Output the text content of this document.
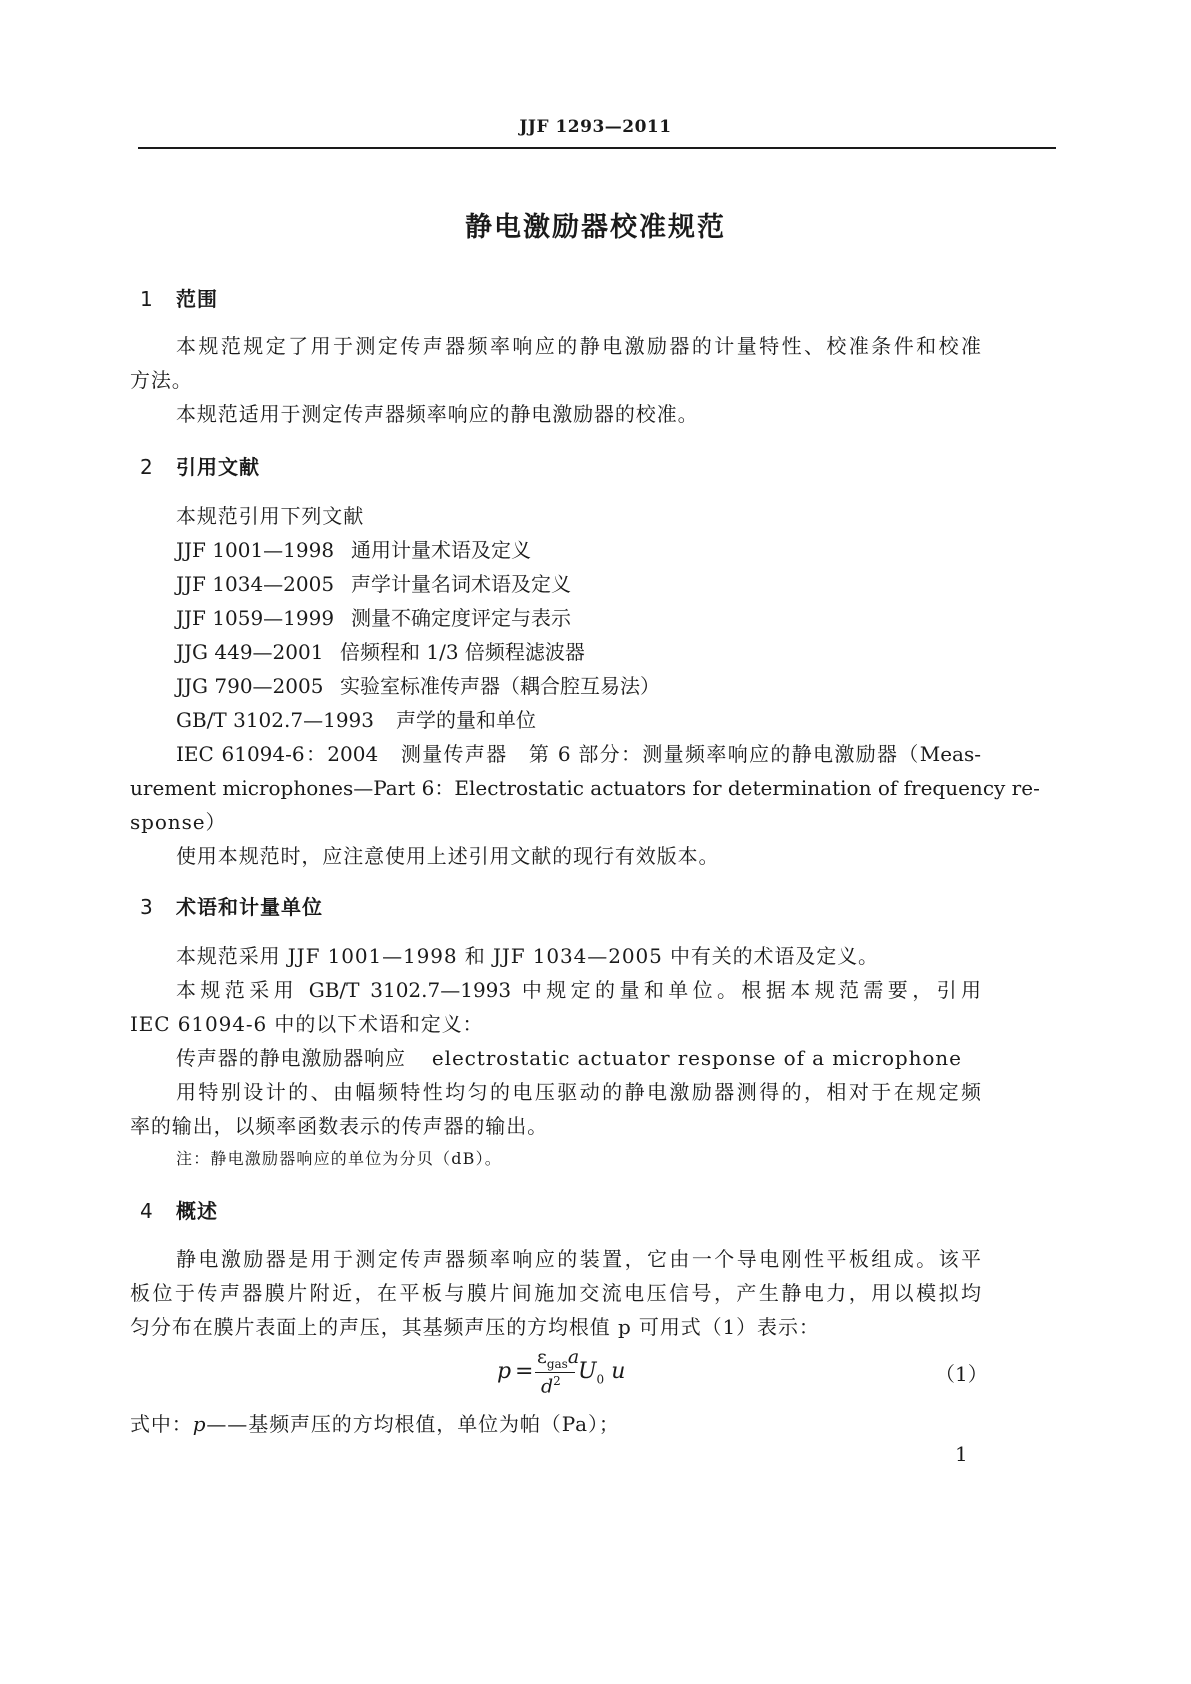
JJF 1293—2011
静电激励器校准规范
1 范围
本规范规定了用于测定传声器频率响应的静电激励器的计量特性、校准条件和校准
方法。
本规范适用于测定传声器频率响应的静电激励器的校准。
2 引用文献
本规范引用下列文献
JJF 1001—1998 通用计量术语及定义
JJF 1034—2005 声学计量名词术语及定义
JJF 1059—1999 测量不确定度评定与表示
JJG 449—2001 倍频程和 1/3 倍频程滤波器
JJG 790—2005 实验室标准传声器（耦合腔互易法）
GB/T 3102.7—1993 声学的量和单位
IEC 61094-6：2004　测量传声器　第 6 部分：测量频率响应的静电激励器（Meas-
urement microphones—Part 6：Electrostatic actuators for determination of frequency re-
sponse）
使用本规范时，应注意使用上述引用文献的现行有效版本。
3 术语和计量单位
本规范采用 JJF 1001—1998 和 JJF 1034—2005 中有关的术语及定义。
本规范采用 GB/T 3102.7—1993 中规定的量和单位。根据本规范需要，引用
IEC 61094-6 中的以下术语和定义：
传声器的静电激励器响应 electrostatic actuator response of a microphone
用特别设计的、由幅频特性均匀的电压驱动的静电激励器测得的，相对于在规定频
率的输出，以频率函数表示的传声器的输出。
注：静电激励器响应的单位为分贝（dB）。
4 概述
静电激励器是用于测定传声器频率响应的装置，它由一个导电刚性平板组成。该平
板位于传声器膜片附近，在平板与膜片间施加交流电压信号，产生静电力，用以模拟均
匀分布在膜片表面上的声压，其基频声压的方均根值 p 可用式（1）表示：
p =
$\varepsilon_{gas}a$
$d^2$ $U_0$ u	（1）
式中：p——基频声压的方均根值，单位为帕（Pa）；
1
